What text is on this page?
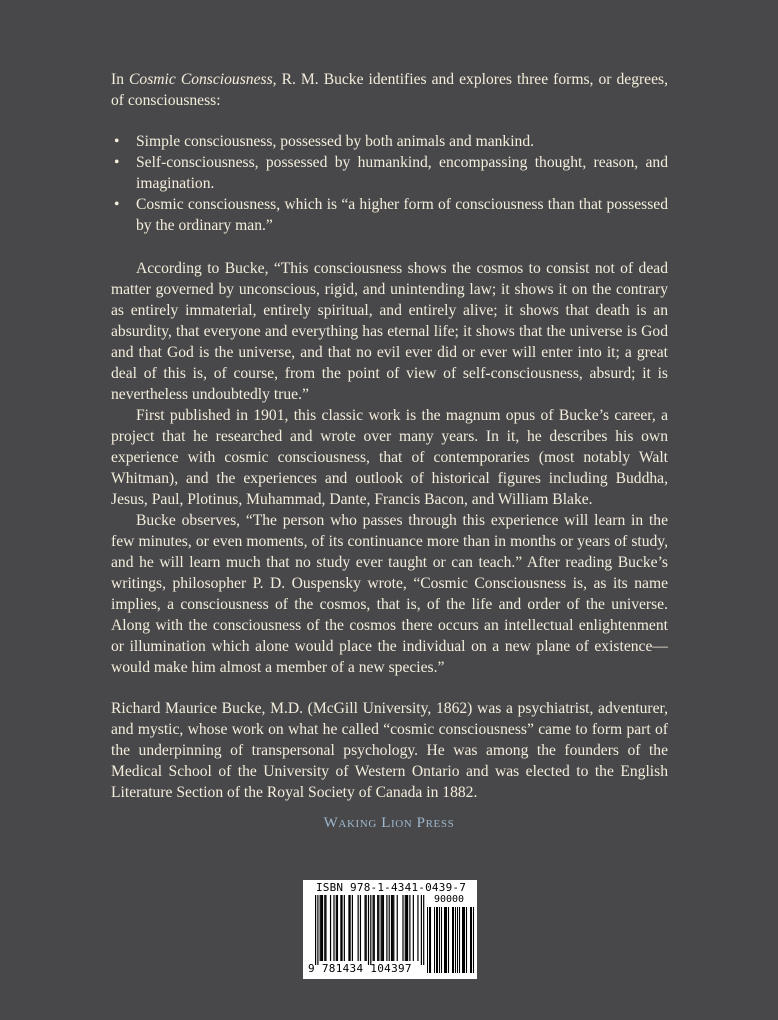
In Cosmic Consciousness, R. M. Bucke identifies and explores three forms, or degrees, of consciousness:

• Simple consciousness, possessed by both animals and mankind.
• Self-consciousness, possessed by humankind, encompassing thought, reason, and imagination.
• Cosmic consciousness, which is “a higher form of consciousness than that possessed by the ordinary man.”

According to Bucke, “This consciousness shows the cosmos to consist not of dead matter governed by unconscious, rigid, and unintending law; it shows it on the contrary as entirely immaterial, entirely spiritual, and entirely alive; it shows that death is an absurdity, that everyone and everything has eternal life; it shows that the universe is God and that God is the universe, and that no evil ever did or ever will enter into it; a great deal of this is, of course, from the point of view of self-consciousness, absurd; it is nevertheless undoubtedly true.”

First published in 1901, this classic work is the magnum opus of Bucke’s career, a project that he researched and wrote over many years. In it, he describes his own experience with cosmic consciousness, that of contemporaries (most notably Walt Whitman), and the experiences and outlook of historical figures including Buddha, Jesus, Paul, Plotinus, Muhammad, Dante, Francis Bacon, and William Blake.

Bucke observes, “The person who passes through this experience will learn in the few minutes, or even moments, of its continuance more than in months or years of study, and he will learn much that no study ever taught or can teach.” After reading Bucke’s writings, philosopher P. D. Ouspensky wrote, “Cosmic Consciousness is, as its name implies, a consciousness of the cosmos, that is, of the life and order of the universe. Along with the consciousness of the cosmos there occurs an intellectual enlightenment or illumination which alone would place the individual on a new plane of existence—would make him almost a member of a new species.”

Richard Maurice Bucke, M.D. (McGill University, 1862) was a psychiatrist, adventurer, and mystic, whose work on what he called “cosmic consciousness” came to form part of the underpinning of transpersonal psychology. He was among the founders of the Medical School of the University of Western Ontario and was elected to the English Literature Section of the Royal Society of Canada in 1882.

Waking Lion Press
ISBN 978-1-4341-0439-7
90000
9 781434 104397
